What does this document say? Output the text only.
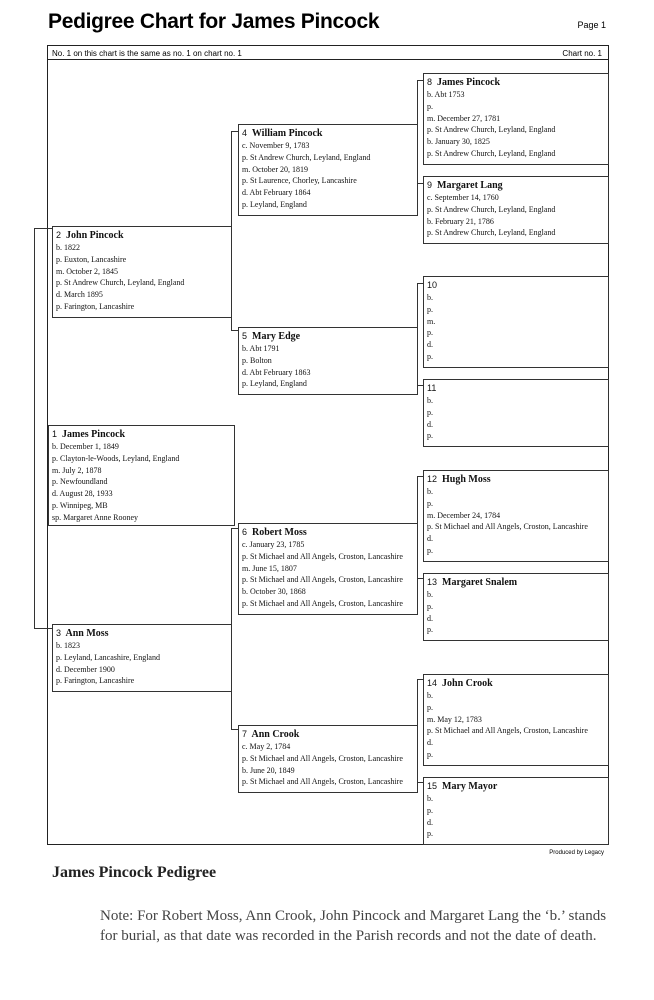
Pedigree Chart for James Pincock	Page 1
No. 1 on this chart is the same as no. 1 on chart no. 1	Chart no. 1
1 James Pincock
b. December 1, 1849
p. Clayton-le-Woods, Leyland, England
m. July 2, 1878
p. Newfoundland
d. August 28, 1933
p. Winnipeg, MB
sp. Margaret Anne Rooney
2 John Pincock
b. 1822
p. Euxton, Lancashire
m. October 2, 1845
p. St Andrew Church, Leyland, England
d. March 1895
p. Farington, Lancashire
3 Ann Moss
b. 1823
p. Leyland, Lancashire, England
d. December 1900
p. Farington, Lancashire
4 William Pincock
c. November 9, 1783
p. St Andrew Church, Leyland, England
m. October 20, 1819
p. St Laurence, Chorley, Lancashire
d. Abt February 1864
p. Leyland, England
5 Mary Edge
b. Abt 1791
p. Bolton
d. Abt February 1863
p. Leyland, England
6 Robert Moss
c. January 23, 1785
p. St Michael and All Angels, Croston, Lancashire
m. June 15, 1807
p. St Michael and All Angels, Croston, Lancashire
b. October 30, 1868
p. St Michael and All Angels, Croston, Lancashire
7 Ann Crook
c. May 2, 1784
p. St Michael and All Angels, Croston, Lancashire
b. June 20, 1849
p. St Michael and All Angels, Croston, Lancashire
8 James Pincock
b. Abt 1753
p.
m. December 27, 1781
p. St Andrew Church, Leyland, England
b. January 30, 1825
p. St Andrew Church, Leyland, England
9 Margaret Lang
c. September 14, 1760
p. St Andrew Church, Leyland, England
b. February 21, 1786
p. St Andrew Church, Leyland, England
10
b.
p.
m.
p.
d.
p.
11
b.
p.
d.
p.
12 Hugh Moss
b.
p.
m. December 24, 1784
p. St Michael and All Angels, Croston, Lancashire
d.
p.
13 Margaret Snalem
b.
p.
d.
p.
14 John Crook
b.
p.
m. May 12, 1783
p. St Michael and All Angels, Croston, Lancashire
d.
p.
15 Mary Mayor
b.
p.
d.
p.
Produced by Legacy
James Pincock Pedigree
Note: For Robert Moss, Ann Crook, John Pincock and Margaret Lang the ‘b.’ stands for burial, as that date was recorded in the Parish records and not the date of death.
